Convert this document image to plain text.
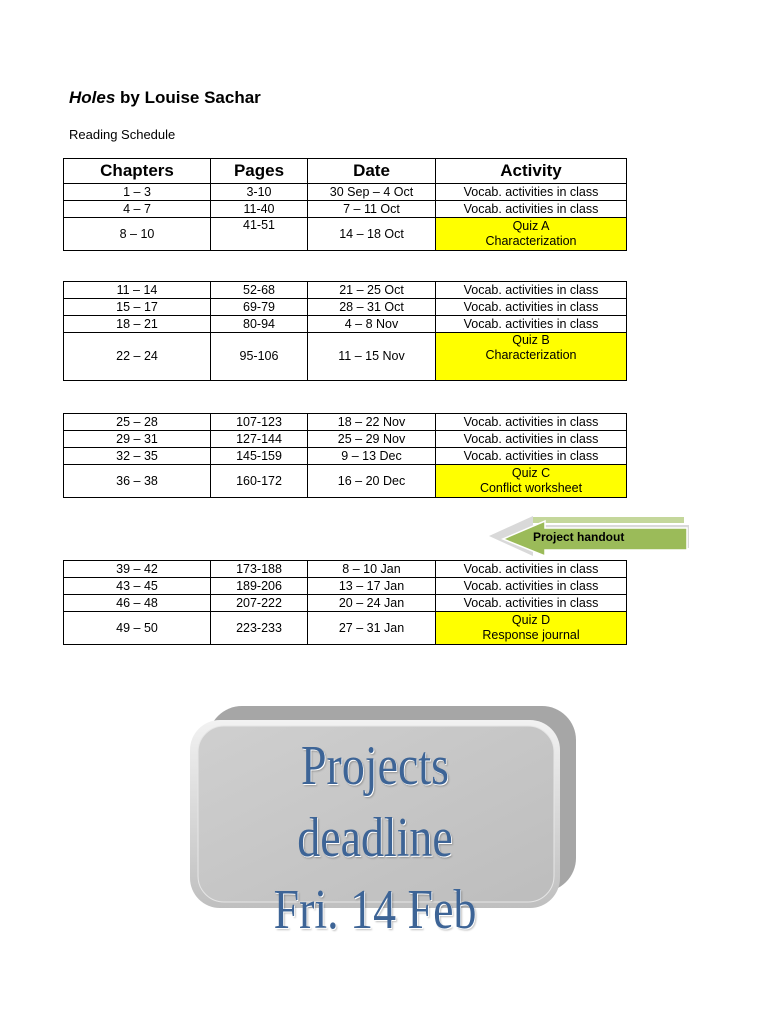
Holes by Louise Sachar
Reading Schedule
Chapters	Pages	Date	Activity
1 – 3	3-10	30 Sep – 4 Oct	Vocab. activities in class
4 – 7	11-40	7 – 11 Oct	Vocab. activities in class
8 – 10	41-51	14 – 18 Oct	Quiz A
Characterization
11 – 14	52-68	21 – 25 Oct	Vocab. activities in class
15 – 17	69-79	28 – 31 Oct	Vocab. activities in class
18 – 21	80-94	4 – 8 Nov	Vocab. activities in class
22 – 24	95-106	11 – 15 Nov	Quiz B
Characterization
25 – 28	107-123	18 – 22 Nov	Vocab. activities in class
29 – 31	127-144	25 – 29 Nov	Vocab. activities in class
32 – 35	145-159	9 – 13 Dec	Vocab. activities in class
36 – 38	160-172	16 – 20 Dec	Quiz C
Conflict worksheet
Project handout
39 – 42	173-188	8 – 10 Jan	Vocab. activities in class
43 – 45	189-206	13 – 17 Jan	Vocab. activities in class
46 – 48	207-222	20 – 24 Jan	Vocab. activities in class
49 – 50	223-233	27 – 31 Jan	Quiz D
Response journal
Projects deadline
Fri. 14 Feb
